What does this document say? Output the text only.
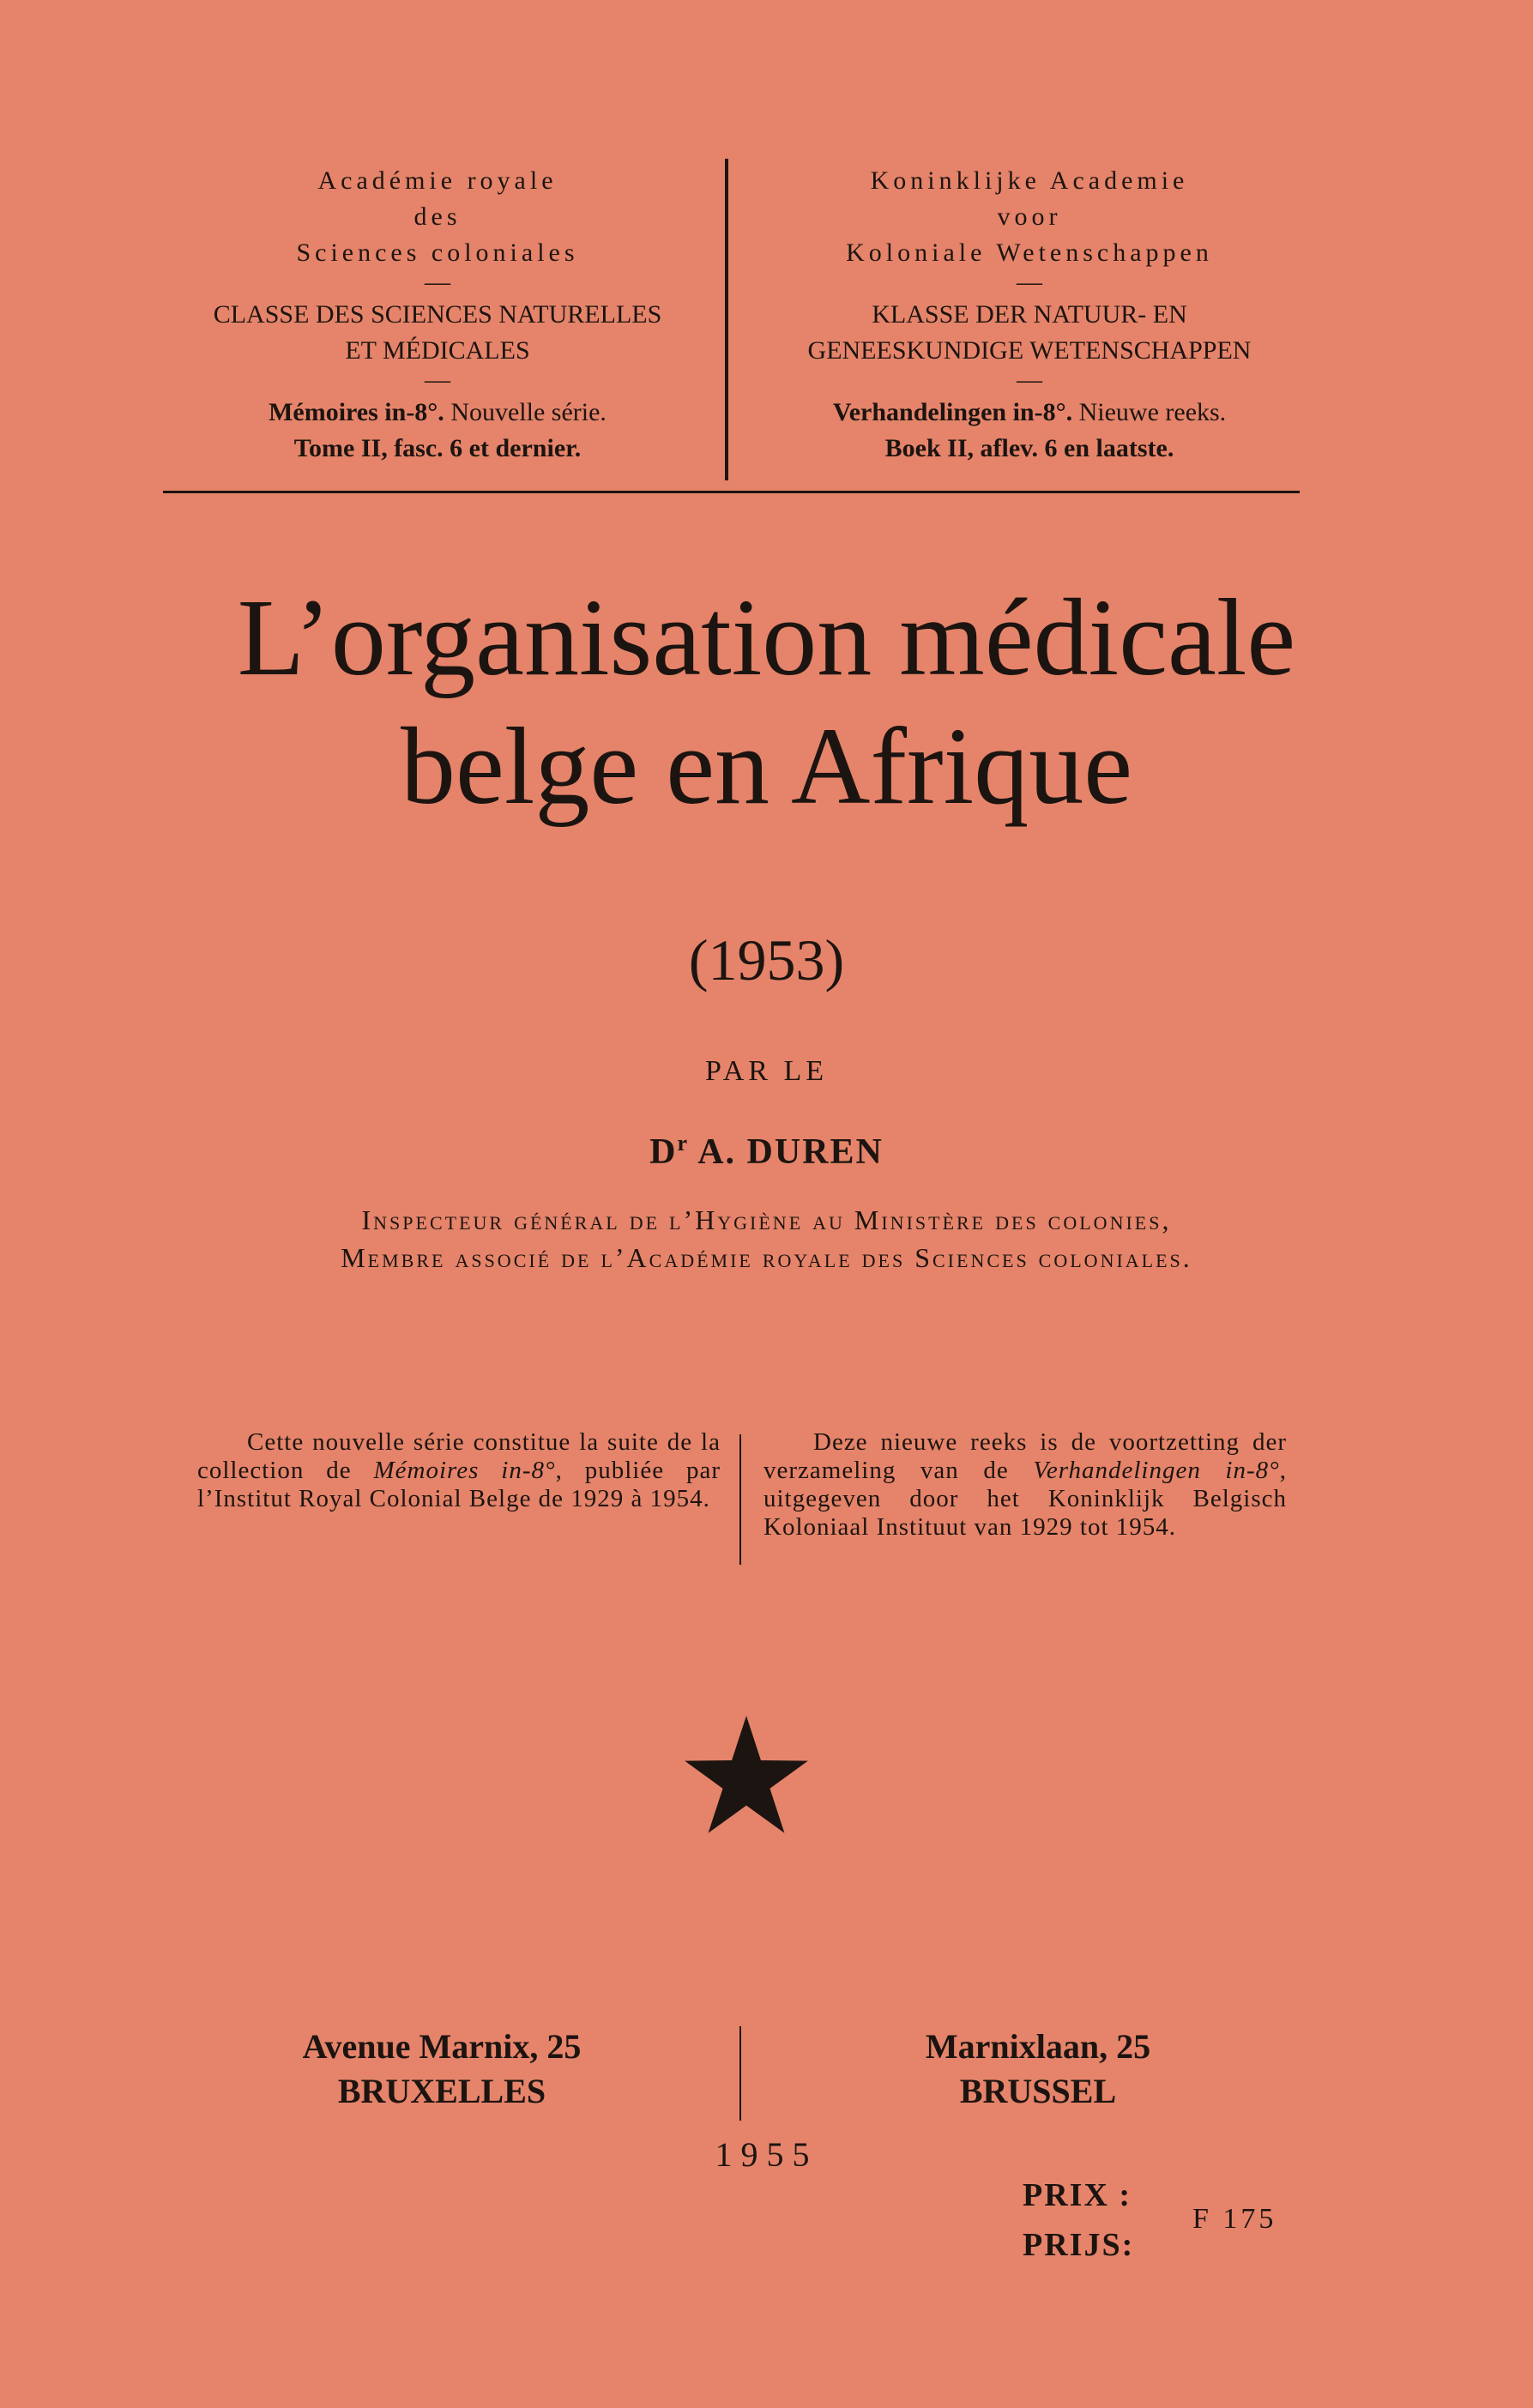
Académie royale
des
Sciences coloniales
—
CLASSE DES SCIENCES NATURELLES
ET MÉDICALES
—
Mémoires in-8°. Nouvelle série.
Tome II, fasc. 6 et dernier.
Koninklijke Academie
voor
Koloniale Wetenschappen
—
KLASSE DER NATUUR- EN
GENEESKUNDIGE WETENSCHAPPEN
—
Verhandelingen in-8°. Nieuwe reeks.
Boek II, aflev. 6 en laatste.
L’organisation médicale
belge en Afrique
(1953)
PAR LE
$D^r$ A. DUREN
Inspecteur général de l’Hygiène au Ministère des colonies,
Membre associé de l’Académie royale des Sciences coloniales.
Cette nouvelle série constitue la suite de la collection de Mémoires in-8°, publiée par l’Institut Royal Colonial Belge de 1929 à 1954.
Deze nieuwe reeks is de voortzetting der verzameling van de Verhandelingen in-8°, uitgegeven door het Koninklijk Belgisch Koloniaal Instituut van 1929 tot 1954.
Avenue Marnix, 25
BRUXELLES
Marnixlaan, 25
BRUSSEL
1955
PRIX :
PRIJS:
F 175
